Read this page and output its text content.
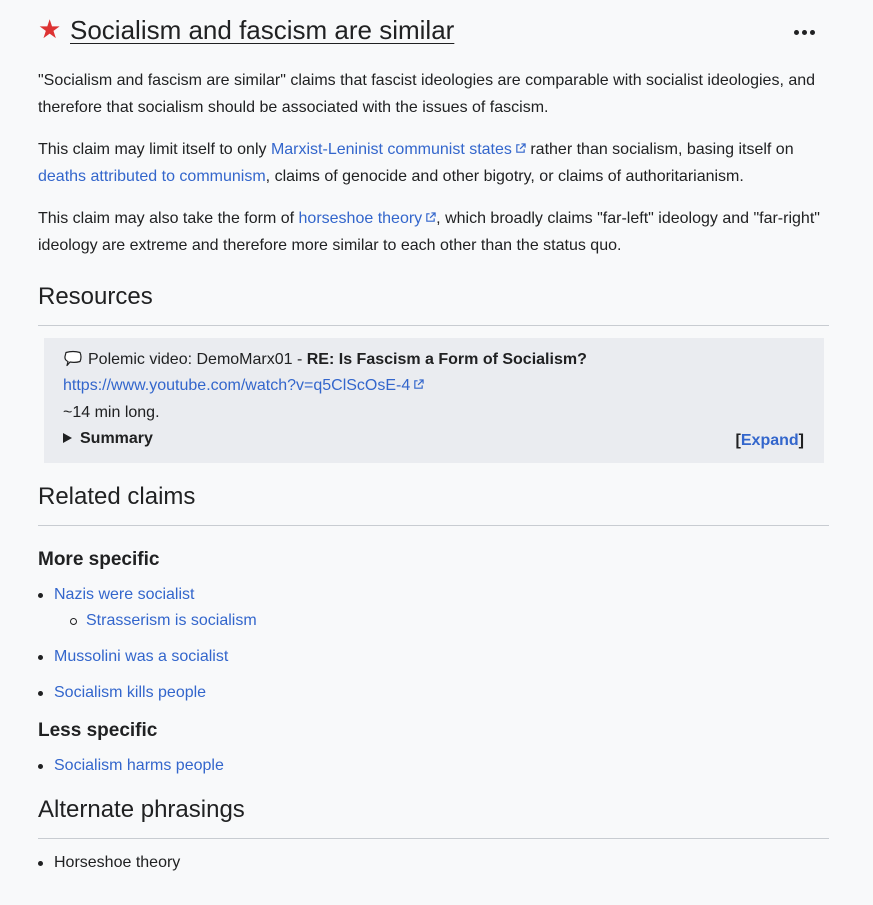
★ Socialism and fascism are similar

"Socialism and fascism are similar" claims that fascist ideologies are comparable with socialist ideologies, and therefore that socialism should be associated with the issues of fascism.

This claim may limit itself to only Marxist-Leninist communist states rather than socialism, basing itself on deaths attributed to communism, claims of genocide and other bigotry, or claims of authoritarianism.

This claim may also take the form of horseshoe theory , which broadly claims "far-left" ideology and "far-right" ideology are extreme and therefore more similar to each other than the status quo.

Resources
Polemic video: DemoMarx01 - RE: Is Fascism a Form of Socialism?
https://www.youtube.com/watch?v=q5ClScOsE-4
~14 min long.
Summary	[Expand]
Related claims
More specific
Nazis were socialist
Strasserism is socialism
Mussolini was a socialist
Socialism kills people
Less specific
Socialism harms people
Alternate phrasings
Horseshoe theory
